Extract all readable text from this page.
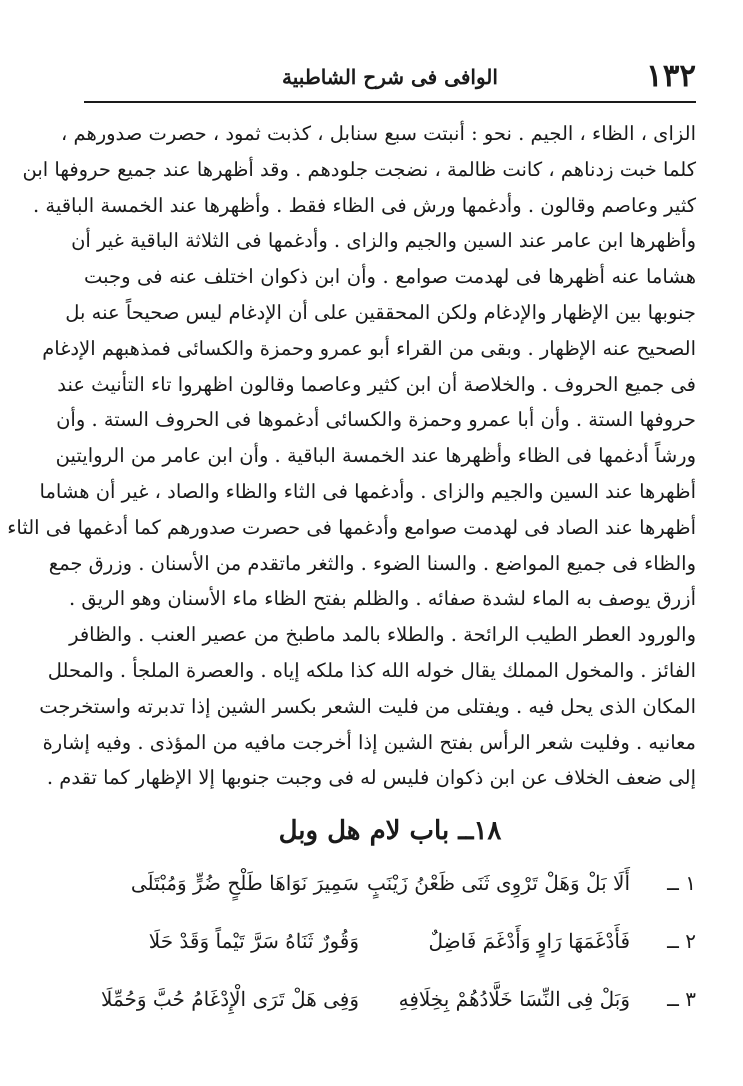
١٣٢
الوافى فى شرح الشاطبية
الزاى ، الظاء ، الجيم . نحو : أنبتت سبع سنابل ، كذبت ثمود ، حصرت صدورهم ،
كلما خبت زدناهم ، كانت ظالمة ، نضجت جلودهم . وقد أظهرها عند جميع حروفها ابن
كثير وعاصم وقالون . وأدغمها ورش فى الظاء فقط . وأظهرها عند الخمسة الباقية .
وأظهرها ابن عامر عند السين والجيم والزاى . وأدغمها فى الثلاثة الباقية غير أن
هشاما عنه أظهرها فى لهدمت صوامع . وأن ابن ذكوان اختلف عنه فى وجبت
جنوبها بين الإظهار والإدغام ولكن المحققين على أن الإدغام ليس صحيحاً عنه بل
الصحيح عنه الإظهار . وبقى من القراء أبو عمرو وحمزة والكسائى فمذهبهم الإدغام
فى جميع الحروف . والخلاصة أن ابن كثير وعاصما وقالون اظهروا تاء التأنيث عند
حروفها الستة . وأن أبا عمرو وحمزة والكسائى أدغموها فى الحروف الستة . وأن
ورشاً أدغمها فى الظاء وأظهرها عند الخمسة الباقية . وأن ابن عامر من الروايتين
أظهرها عند السين والجيم والزاى . وأدغمها فى الثاء والظاء والصاد ، غير أن هشاما
أظهرها عند الصاد فى لهدمت صوامع وأدغمها فى حصرت صدورهم كما أدغمها فى الثاء
والظاء فى جميع المواضع . والسنا الضوء . والثغر ماتقدم من الأسنان . وزرق جمع
أزرق يوصف به الماء لشدة صفائه . والظلم بفتح الظاء ماء الأسنان وهو الريق .
والورود العطر الطيب الرائحة . والطلاء بالمد ماطبخ من عصير العنب . والظافر
الفائز . والمخول المملك يقال خوله الله كذا ملكه إياه . والعصرة الملجأ . والمحلل
المكان الذى يحل فيه . ويفتلى من فليت الشعر بكسر الشين إذا تدبرته واستخرجت
معانيه . وفليت شعر الرأس بفتح الشين إذا أخرجت مافيه من المؤذى . وفيه إشارة
إلى ضعف الخلاف عن ابن ذكوان فليس له فى وجبت جنوبها إلا الإظهار كما تقدم .
١٨ــ باب لام هل وبل
١ ــ
أَلَا بَلْ وَهَلْ تَرْوِى ثَنَى ظَعْنُ زَيْنَبٍ
سَمِيرَ نَوَاهَا طَلْحٍ ضُرٍّ وَمُبْتَلَى
٢ ــ
فَأَدْغَمَهَا رَاوٍ وَأَدْغَمَ فَاضِلٌ
وَقُورٌ ثَنَاهُ سَرَّ تَيْماً وَقَدْ حَلَا
٣ ــ
وَبَلْ فِى النِّسَا خَلَّادُهُمْ بِخِلَافِهِ
وَفِى هَلْ تَرَى الْإِدْغَامُ حُبَّ وَحُمِّلَا
